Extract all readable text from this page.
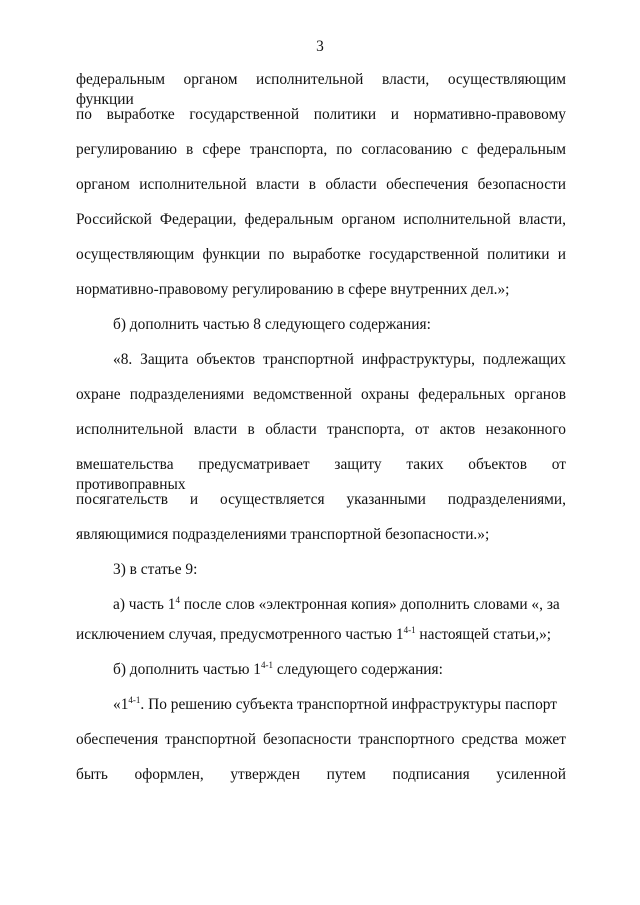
3
федеральным органом исполнительной власти, осуществляющим функции
по выработке государственной политики и нормативно-правовому
регулированию в сфере транспорта, по согласованию с федеральным
органом исполнительной власти в области обеспечения безопасности
Российской Федерации, федеральным органом исполнительной власти,
осуществляющим функции по выработке государственной политики и
нормативно-правовому регулированию в сфере внутренних дел.»;
б) дополнить частью 8 следующего содержания:
«8. Защита объектов транспортной инфраструктуры, подлежащих
охране подразделениями ведомственной охраны федеральных органов
исполнительной власти в области транспорта, от актов незаконного
вмешательства предусматривает защиту таких объектов от противоправных
посягательств и осуществляется указанными подразделениями,
являющимися подразделениями транспортной безопасности.»;
3) в статье 9:
а) часть $1^4$ после слов «электронная копия» дополнить словами «, за
исключением случая, предусмотренного частью 1$^{4-1}$ настоящей статьи,»;
б) дополнить частью 1$^{4-1}$ следующего содержания:
«1$^{4-1}$. По решению субъекта транспортной инфраструктуры паспорт
обеспечения транспортной безопасности транспортного средства может
быть оформлен, утвержден путем подписания усиленной
